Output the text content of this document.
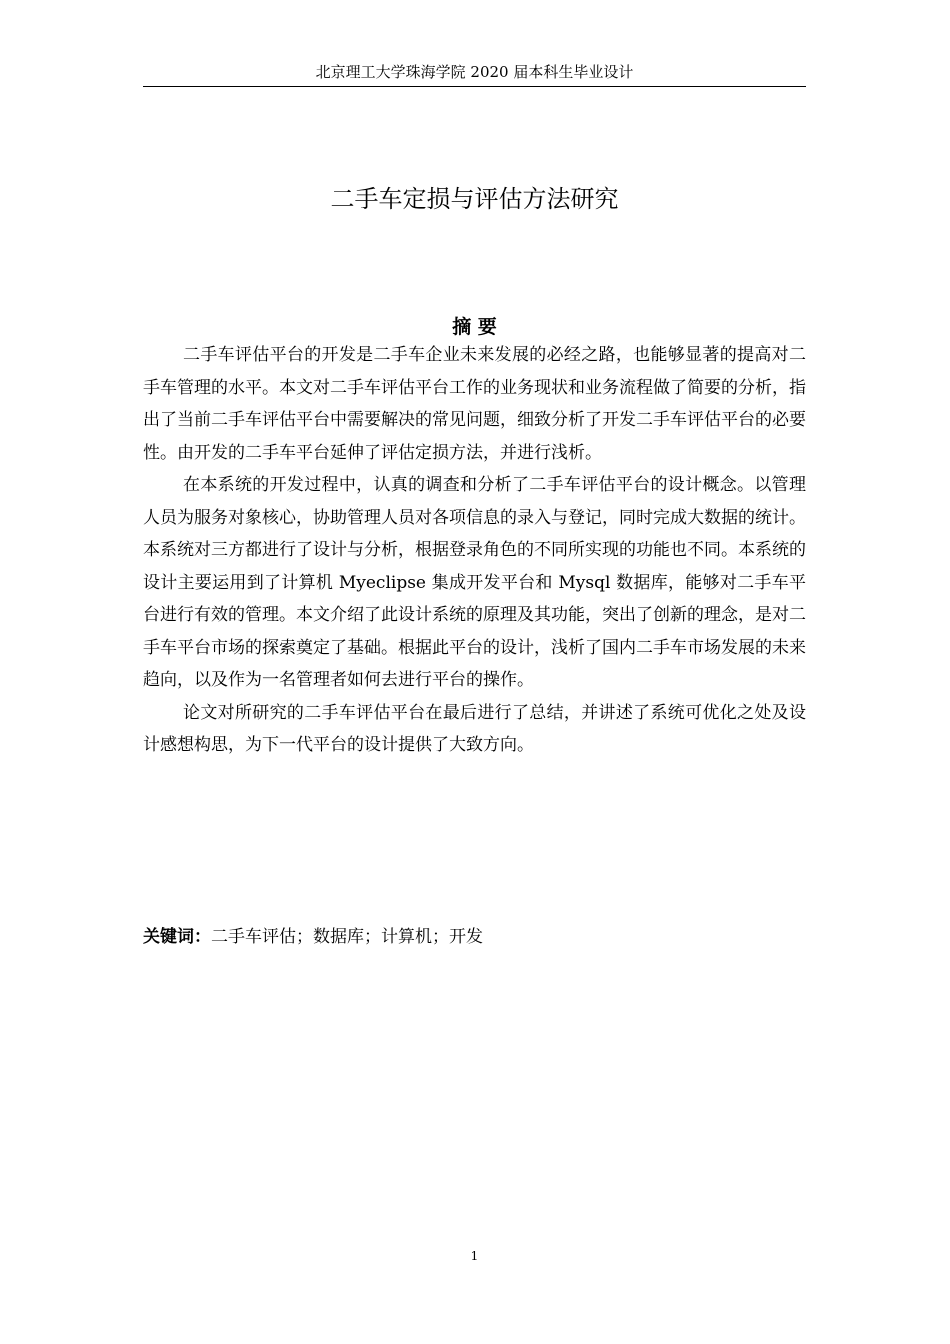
北京理工大学珠海学院 2020 届本科生毕业设计
二手车定损与评估方法研究
摘 要

二手车评估平台的开发是二手车企业未来发展的必经之路，也能够显著的提高对二手车管理的水平。本文对二手车评估平台工作的业务现状和业务流程做了简要的分析，指出了当前二手车评估平台中需要解决的常见问题，细致分析了开发二手车评估平台的必要性。由开发的二手车平台延伸了评估定损方法，并进行浅析。

在本系统的开发过程中，认真的调查和分析了二手车评估平台的设计概念。以管理人员为服务对象核心，协助管理人员对各项信息的录入与登记，同时完成大数据的统计。本系统对三方都进行了设计与分析，根据登录角色的不同所实现的功能也不同。本系统的设计主要运用到了计算机 Myeclipse 集成开发平台和 Mysql 数据库，能够对二手车平台进行有效的管理。本文介绍了此设计系统的原理及其功能，突出了创新的理念，是对二手车平台市场的探索奠定了基础。根据此平台的设计，浅析了国内二手车市场发展的未来趋向，以及作为一名管理者如何去进行平台的操作。

论文对所研究的二手车评估平台在最后进行了总结，并讲述了系统可优化之处及设计感想构思，为下一代平台的设计提供了大致方向。

关键词：二手车评估；数据库；计算机；开发
1
